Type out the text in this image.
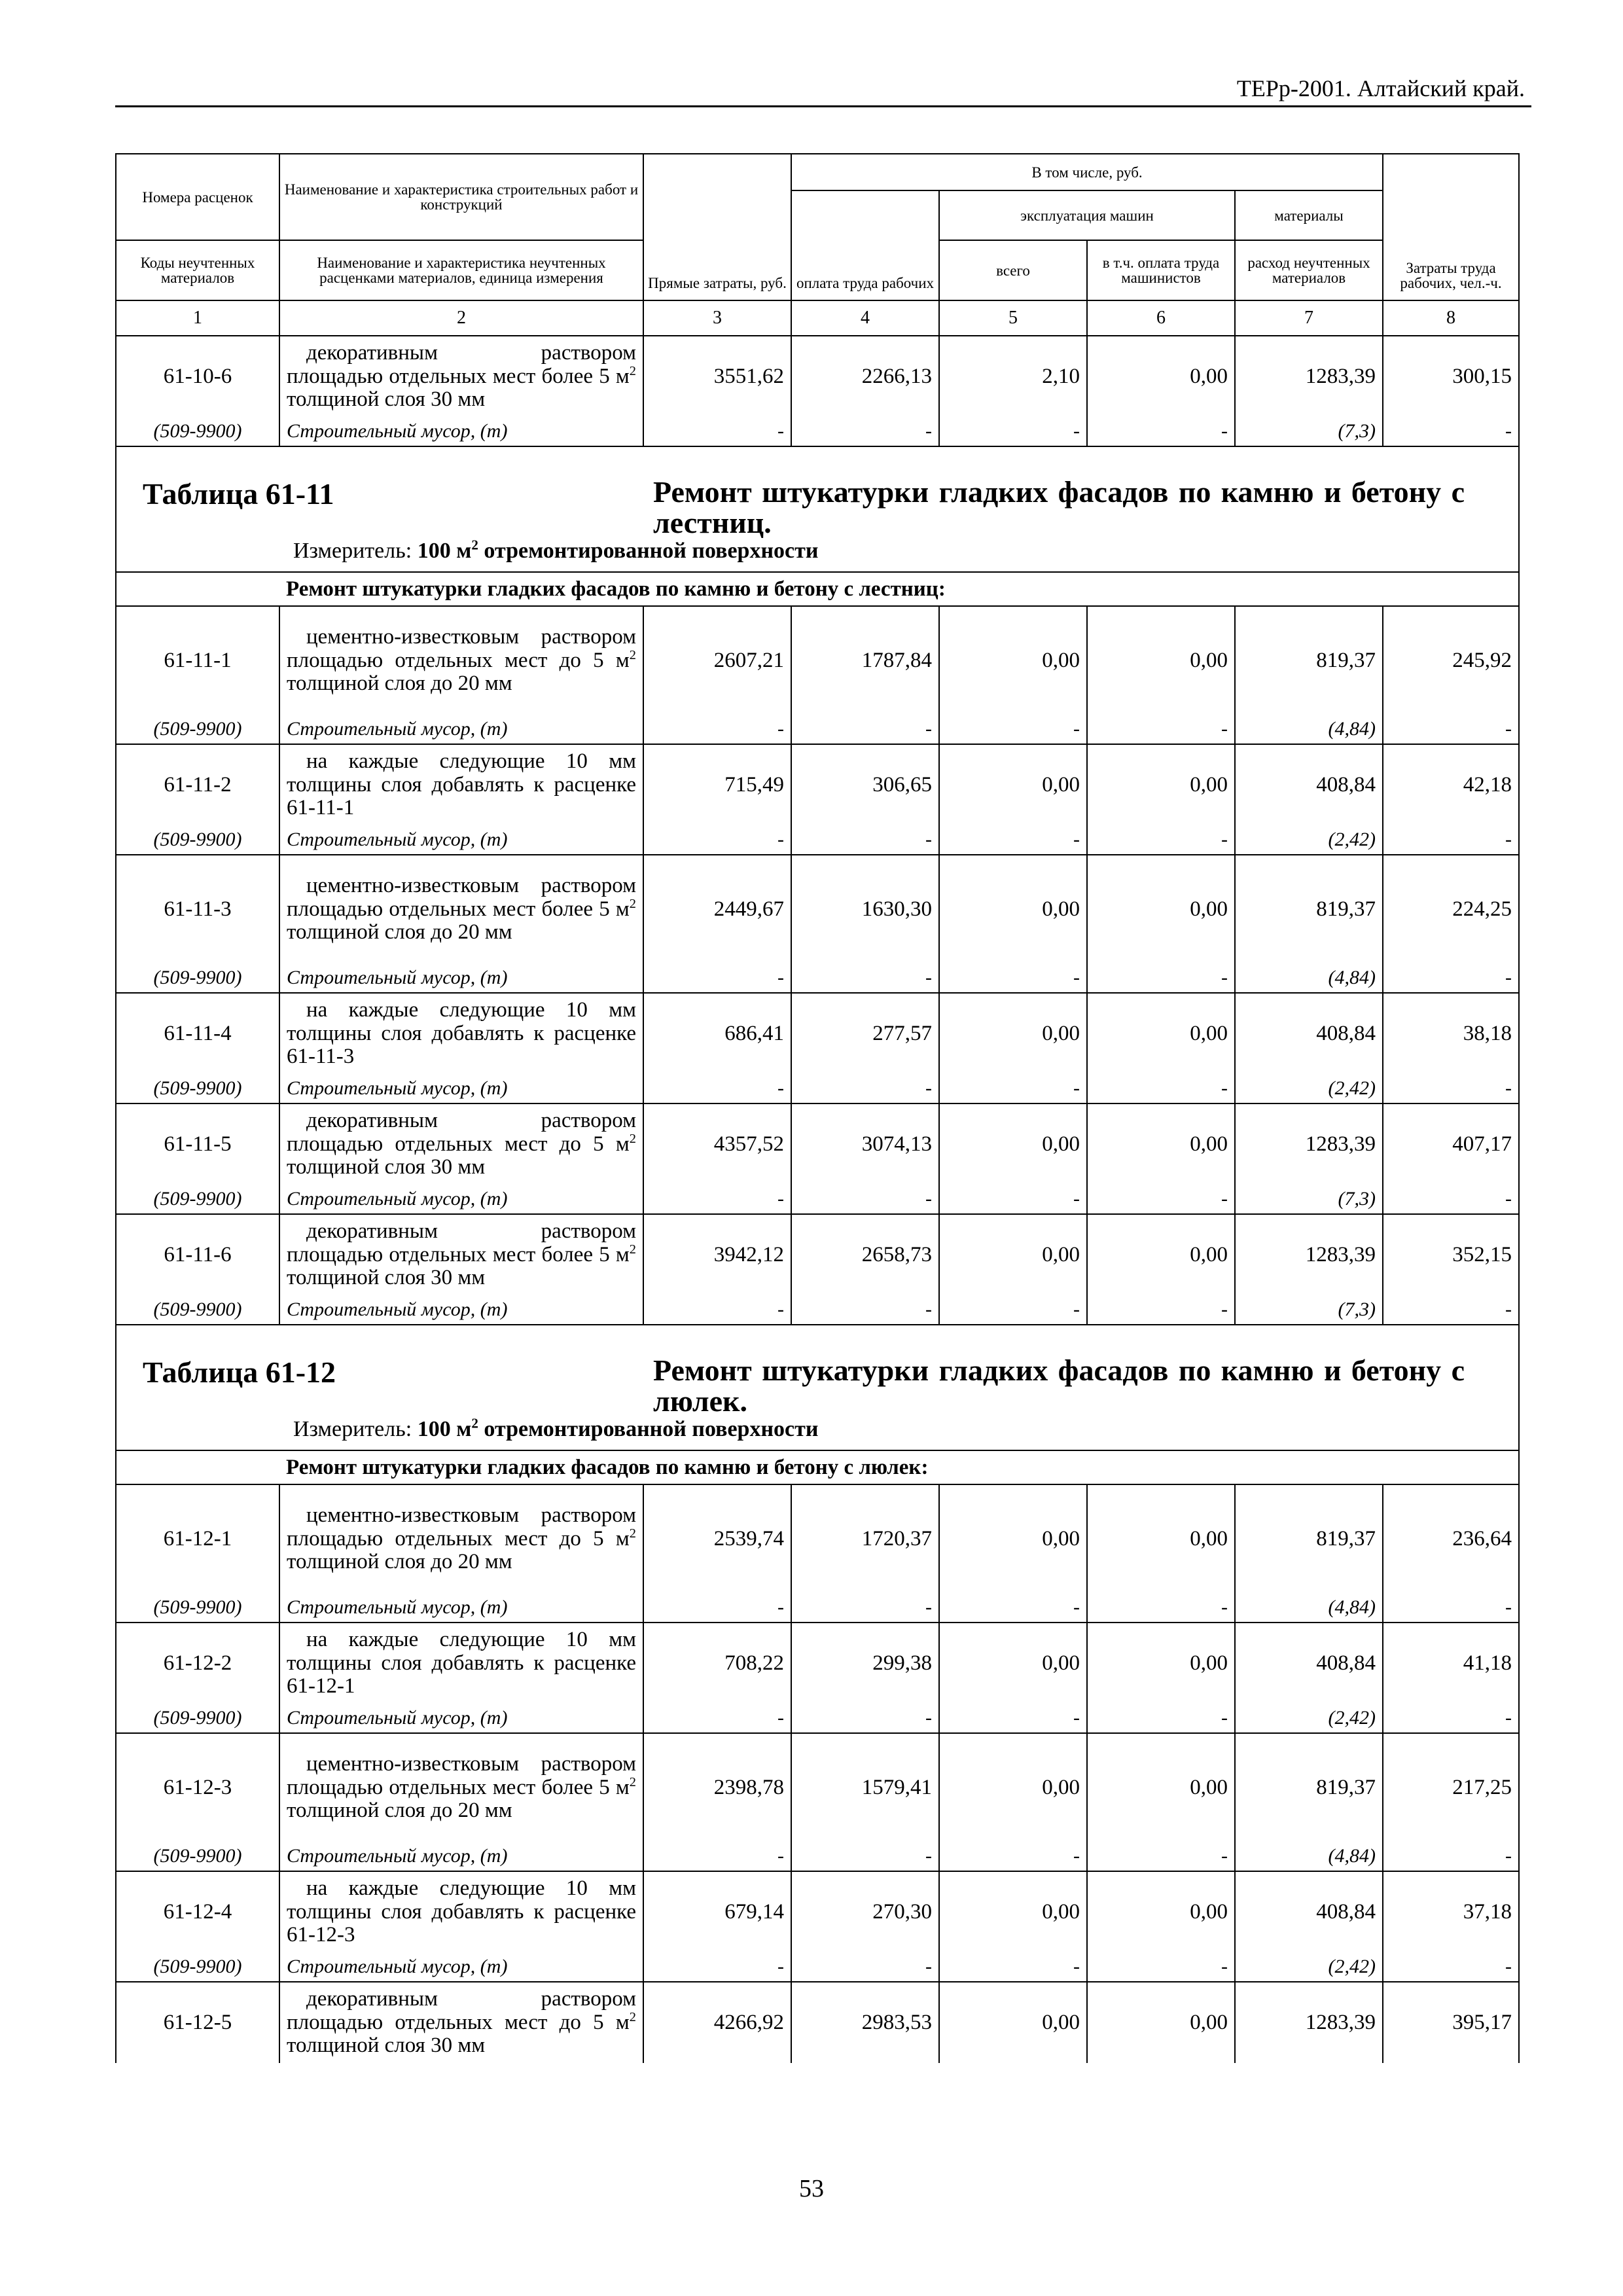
ТЕРр-2001. Алтайский край.
Номера расценок	Наименование и характеристика строительных работ и конструкций	Прямые затраты, руб.	В том числе, руб.				Затраты труда рабочих, чел.-ч.
			оплата труда рабочих	эксплуатация машин		материалы	
Коды неучтенных материалов	Наименование и характеристика неучтенных расценками материалов, единица измерения			всего	в т.ч. оплата труда машинистов	расход неучтенных материалов	
1	2	3	4	5	6	7	8
61-10-6	декоративным раствором площадью отдельных мест более 5 $м^2$ толщиной слоя 30 мм	3551,62	2266,13	2,10	0,00	1283,39	300,15
(509-9900)	Строительный мусор, (т)	-	-	-	-	(7,3)	-

Таблица 61-11 Ремонт штукатурки гладких фасадов по камню и бетону с лестниц.
Измеритель: 100 $м^2$ отремонтированной поверхности							

	Ремонт штукатурки гладких фасадов по камню и бетону с лестниц:						
61-11-1	цементно-известковым раствором площадью отдельных мест до 5 $м^2$ толщиной слоя до 20 мм	2607,21	1787,84	0,00	0,00	819,37	245,92
(509-9900)	Строительный мусор, (т)	-	-	-	-	(4,84)	-
61-11-2	на каждые следующие 10 мм толщины слоя добавлять к расценке 61-11-1	715,49	306,65	0,00	0,00	408,84	42,18
(509-9900)	Строительный мусор, (т)	-	-	-	-	(2,42)	-
61-11-3	цементно-известковым раствором площадью отдельных мест более 5 $м^2$ толщиной слоя до 20 мм	2449,67	1630,30	0,00	0,00	819,37	224,25
(509-9900)	Строительный мусор, (т)	-	-	-	-	(4,84)	-
61-11-4	на каждые следующие 10 мм толщины слоя добавлять к расценке 61-11-3	686,41	277,57	0,00	0,00	408,84	38,18
(509-9900)	Строительный мусор, (т)	-	-	-	-	(2,42)	-
61-11-5	декоративным раствором площадью отдельных мест до 5 $м^2$ толщиной слоя 30 мм	4357,52	3074,13	0,00	0,00	1283,39	407,17
(509-9900)	Строительный мусор, (т)	-	-	-	-	(7,3)	-
61-11-6	декоративным раствором площадью отдельных мест более 5 $м^2$ толщиной слоя 30 мм	3942,12	2658,73	0,00	0,00	1283,39	352,15
(509-9900)	Строительный мусор, (т)	-	-	-	-	(7,3)	-

Таблица 61-12 Ремонт штукатурки гладких фасадов по камню и бетону с люлек.
Измеритель: 100 $м^2$ отремонтированной поверхности							

	Ремонт штукатурки гладких фасадов по камню и бетону с люлек:						
61-12-1	цементно-известковым раствором площадью отдельных мест до 5 $м^2$ толщиной слоя до 20 мм	2539,74	1720,37	0,00	0,00	819,37	236,64
(509-9900)	Строительный мусор, (т)	-	-	-	-	(4,84)	-
61-12-2	на каждые следующие 10 мм толщины слоя добавлять к расценке 61-12-1	708,22	299,38	0,00	0,00	408,84	41,18
(509-9900)	Строительный мусор, (т)	-	-	-	-	(2,42)	-
61-12-3	цементно-известковым раствором площадью отдельных мест более 5 $м^2$ толщиной слоя до 20 мм	2398,78	1579,41	0,00	0,00	819,37	217,25
(509-9900)	Строительный мусор, (т)	-	-	-	-	(4,84)	-
61-12-4	на каждые следующие 10 мм толщины слоя добавлять к расценке 61-12-3	679,14	270,30	0,00	0,00	408,84	37,18
(509-9900)	Строительный мусор, (т)	-	-	-	-	(2,42)	-
61-12-5	декоративным раствором площадью отдельных мест до 5 $м^2$ толщиной слоя 30 мм	4266,92	2983,53	0,00	0,00	1283,39	395,17
53
